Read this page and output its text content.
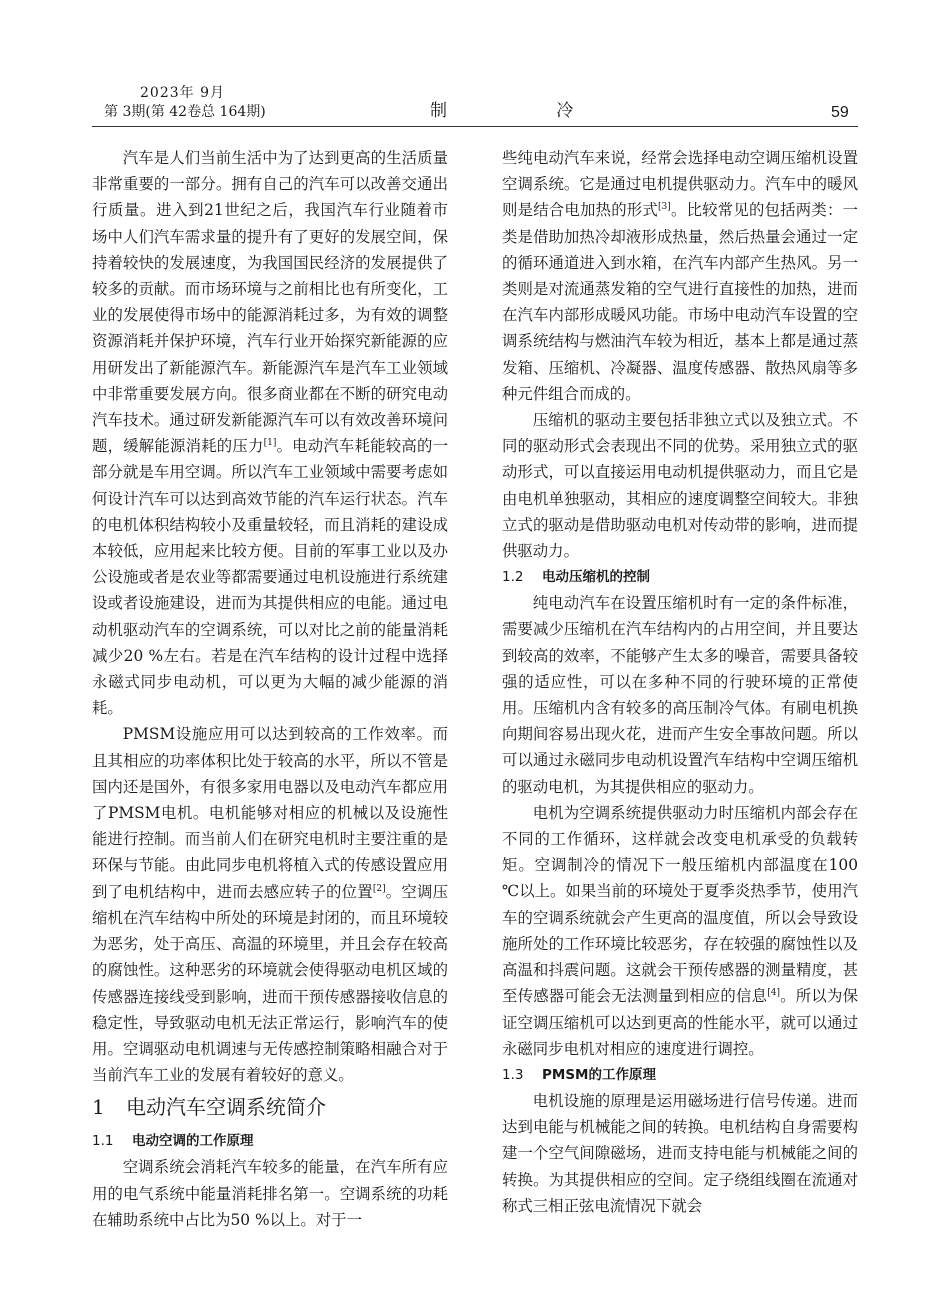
2023年 9月
第 3期(第 42卷总 164期)	制 冷	59

汽车是人们当前生活中为了达到更高的生活质量非常重要的一部分。拥有自己的汽车可以改善交通出行质量。进入到21世纪之后，我国汽车行业随着市场中人们汽车需求量的提升有了更好的发展空间，保持着较快的发展速度，为我国国民经济的发展提供了较多的贡献。而市场环境与之前相比也有所变化，工业的发展使得市场中的能源消耗过多，为有效的调整资源消耗并保护环境，汽车行业开始探究新能源的应用研发出了新能源汽车。新能源汽车是汽车工业领域中非常重要发展方向。很多商业都在不断的研究电动汽车技术。通过研发新能源汽车可以有效改善环境问题，缓解能源消耗的压力[1]。电动汽车耗能较高的一部分就是车用空调。所以汽车工业领域中需要考虑如何设计汽车可以达到高效节能的汽车运行状态。汽车的电机体积结构较小及重量较轻，而且消耗的建设成本较低，应用起来比较方便。目前的军事工业以及办公设施或者是农业等都需要通过电机设施进行系统建设或者设施建设，进而为其提供相应的电能。通过电动机驱动汽车的空调系统，可以对比之前的能量消耗减少20 %左右。若是在汽车结构的设计过程中选择永磁式同步电动机，可以更为大幅的减少能源的消耗。

PMSM设施应用可以达到较高的工作效率。而且其相应的功率体积比处于较高的水平，所以不管是国内还是国外，有很多家用电器以及电动汽车都应用了PMSM电机。电机能够对相应的机械以及设施性能进行控制。而当前人们在研究电机时主要注重的是环保与节能。由此同步电机将植入式的传感设置应用到了电机结构中，进而去感应转子的位置[2]。空调压缩机在汽车结构中所处的环境是封闭的，而且环境较为恶劣，处于高压、高温的环境里，并且会存在较高的腐蚀性。这种恶劣的环境就会使得驱动电机区域的传感器连接线受到影响，进而干预传感器接收信息的稳定性，导致驱动电机无法正常运行，影响汽车的使用。空调驱动电机调速与无传感控制策略相融合对于当前汽车工业的发展有着较好的意义。

1 电动汽车空调系统简介
1.1 电动空调的工作原理

空调系统会消耗汽车较多的能量，在汽车所有应用的电气系统中能量消耗排名第一。空调系统的功耗在辅助系统中占比为50 %以上。对于一

些纯电动汽车来说，经常会选择电动空调压缩机设置空调系统。它是通过电机提供驱动力。汽车中的暖风则是结合电加热的形式[3]。比较常见的包括两类：一类是借助加热冷却液形成热量，然后热量会通过一定的循环通道进入到水箱，在汽车内部产生热风。另一类则是对流通蒸发箱的空气进行直接性的加热，进而在汽车内部形成暖风功能。市场中电动汽车设置的空调系统结构与燃油汽车较为相近，基本上都是通过蒸发箱、压缩机、冷凝器、温度传感器、散热风扇等多种元件组合而成的。

压缩机的驱动主要包括非独立式以及独立式。不同的驱动形式会表现出不同的优势。采用独立式的驱动形式，可以直接运用电动机提供驱动力，而且它是由电机单独驱动，其相应的速度调整空间较大。非独立式的驱动是借助驱动电机对传动带的影响，进而提供驱动力。

1.2 电动压缩机的控制

纯电动汽车在设置压缩机时有一定的条件标准，需要减少压缩机在汽车结构内的占用空间，并且要达到较高的效率，不能够产生太多的噪音，需要具备较强的适应性，可以在多种不同的行驶环境的正常使用。压缩机内含有较多的高压制冷气体。有刷电机换向期间容易出现火花，进而产生安全事故问题。所以可以通过永磁同步电动机设置汽车结构中空调压缩机的驱动电机，为其提供相应的驱动力。

电机为空调系统提供驱动力时压缩机内部会存在不同的工作循环，这样就会改变电机承受的负载转矩。空调制冷的情况下一般压缩机内部温度在100 ℃以上。如果当前的环境处于夏季炎热季节，使用汽车的空调系统就会产生更高的温度值，所以会导致设施所处的工作环境比较恶劣，存在较强的腐蚀性以及高温和抖震问题。这就会干预传感器的测量精度，甚至传感器可能会无法测量到相应的信息[4]。所以为保证空调压缩机可以达到更高的性能水平，就可以通过永磁同步电机对相应的速度进行调控。

1.3 PMSM的工作原理

电机设施的原理是运用磁场进行信号传递。进而达到电能与机械能之间的转换。电机结构自身需要构建一个空气间隙磁场，进而支持电能与机械能之间的转换。为其提供相应的空间。定子绕组线圈在流通对称式三相正弦电流情况下就会
